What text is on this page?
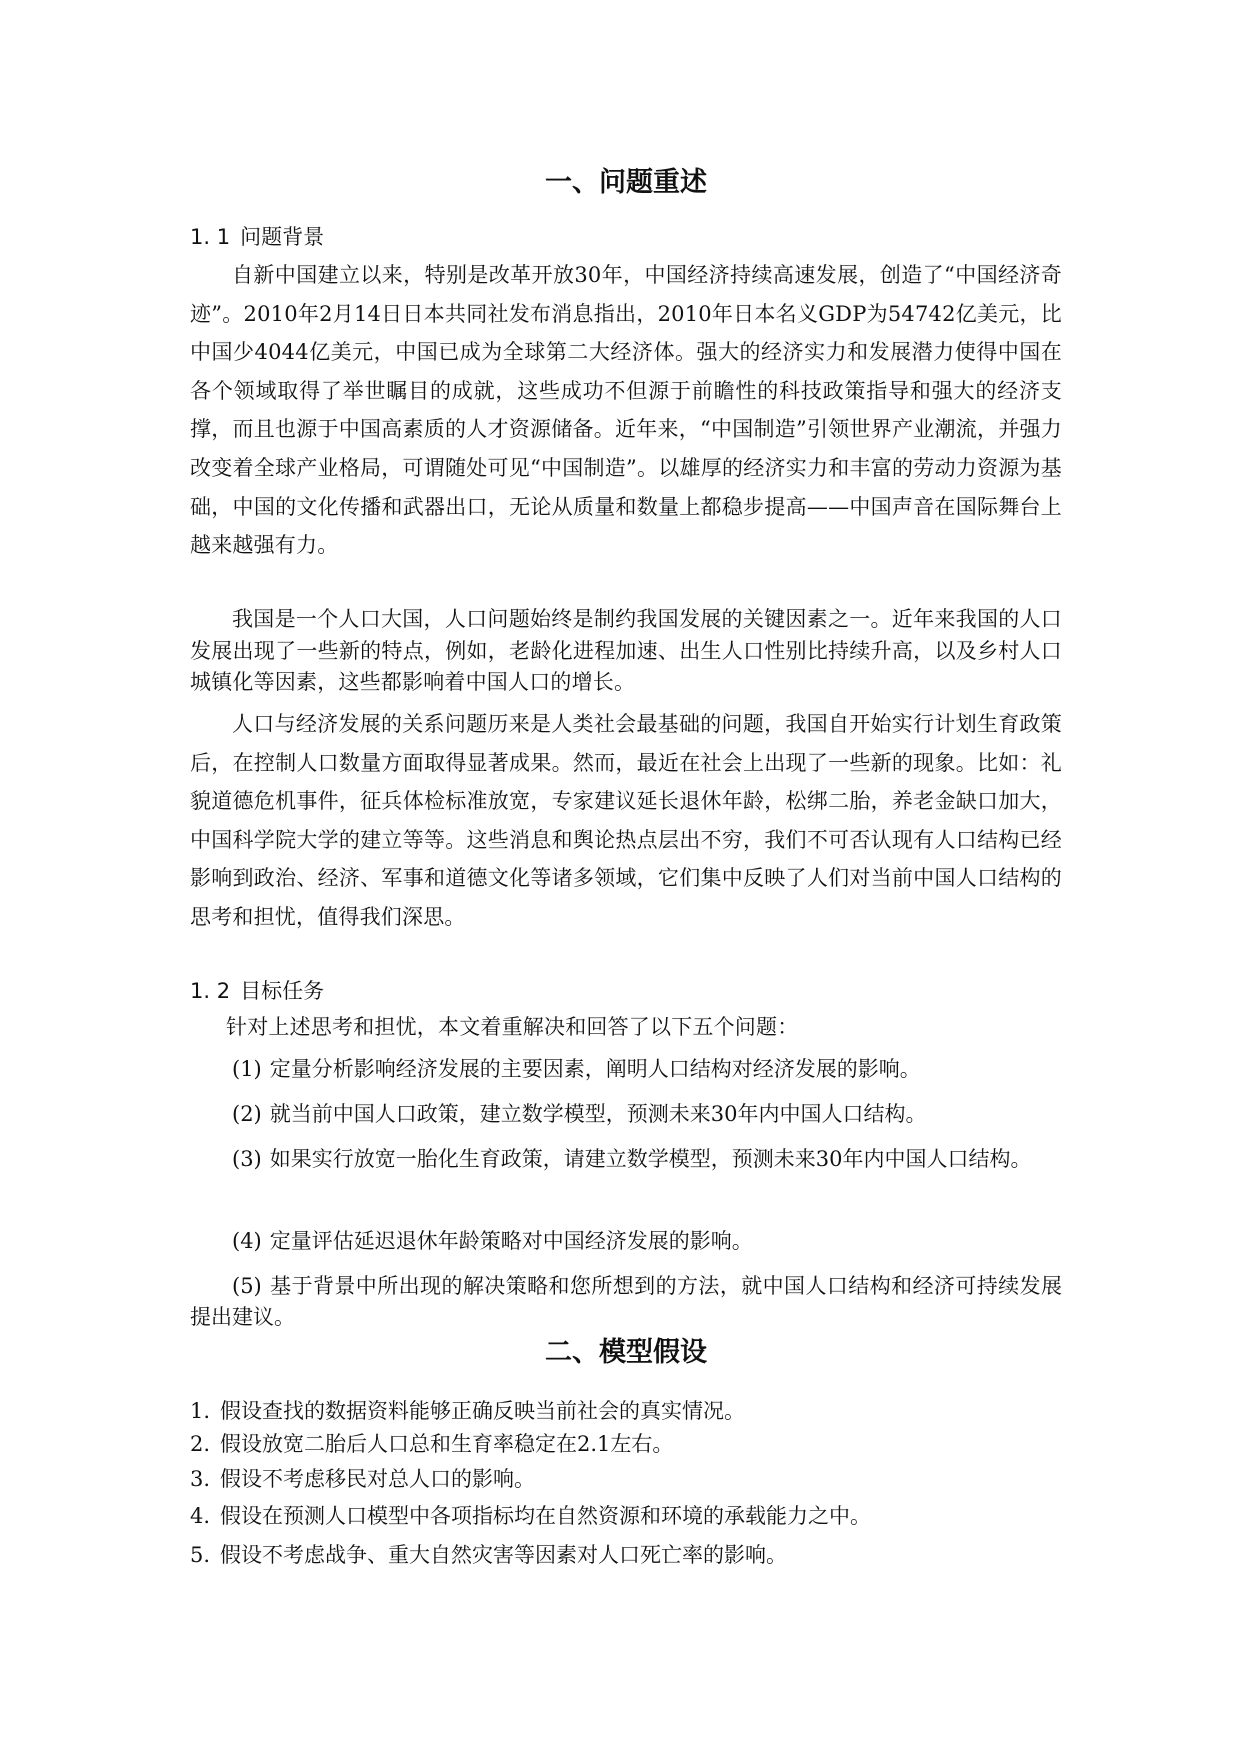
一、问题重述
1. 1 问题背景

自新中国建立以来，特别是改革开放30年，中国经济持续高速发展，创造了“中国经济奇迹”。2010年2月14日日本共同社发布消息指出，2010年日本名义GDP为54742亿美元，比中国少4044亿美元，中国已成为全球第二大经济体。强大的经济实力和发展潜力使得中国在各个领域取得了举世瞩目的成就，这些成功不但源于前瞻性的科技政策指导和强大的经济支撑，而且也源于中国高素质的人才资源储备。近年来，“中国制造”引领世界产业潮流，并强力改变着全球产业格局，可谓随处可见“中国制造”。以雄厚的经济实力和丰富的劳动力资源为基础，中国的文化传播和武器出口，无论从质量和数量上都稳步提高——中国声音在国际舞台上越来越强有力。

我国是一个人口大国，人口问题始终是制约我国发展的关键因素之一。近年来我国的人口发展出现了一些新的特点，例如，老龄化进程加速、出生人口性别比持续升高，以及乡村人口城镇化等因素，这些都影响着中国人口的增长。

人口与经济发展的关系问题历来是人类社会最基础的问题，我国自开始实行计划生育政策后，在控制人口数量方面取得显著成果。然而，最近在社会上出现了一些新的现象。比如：礼貌道德危机事件，征兵体检标准放宽，专家建议延长退休年龄，松绑二胎，养老金缺口加大，中国科学院大学的建立等等。这些消息和舆论热点层出不穷，我们不可否认现有人口结构已经影响到政治、经济、军事和道德文化等诸多领域，它们集中反映了人们对当前中国人口结构的思考和担忧，值得我们深思。

1. 2 目标任务

针对上述思考和担忧，本文着重解决和回答了以下五个问题：

(1) 定量分析影响经济发展的主要因素，阐明人口结构对经济发展的影响。

(2) 就当前中国人口政策，建立数学模型，预测未来30年内中国人口结构。

(3) 如果实行放宽一胎化生育政策，请建立数学模型，预测未来30年内中国人口结构。

(4) 定量评估延迟退休年龄策略对中国经济发展的影响。

(5) 基于背景中所出现的解决策略和您所想到的方法，就中国人口结构和经济可持续发展提出建议。

二、模型假设

1. 假设查找的数据资料能够正确反映当前社会的真实情况。

2. 假设放宽二胎后人口总和生育率稳定在2.1左右。

3. 假设不考虑移民对总人口的影响。

4. 假设在预测人口模型中各项指标均在自然资源和环境的承载能力之中。

5. 假设不考虑战争、重大自然灾害等因素对人口死亡率的影响。
